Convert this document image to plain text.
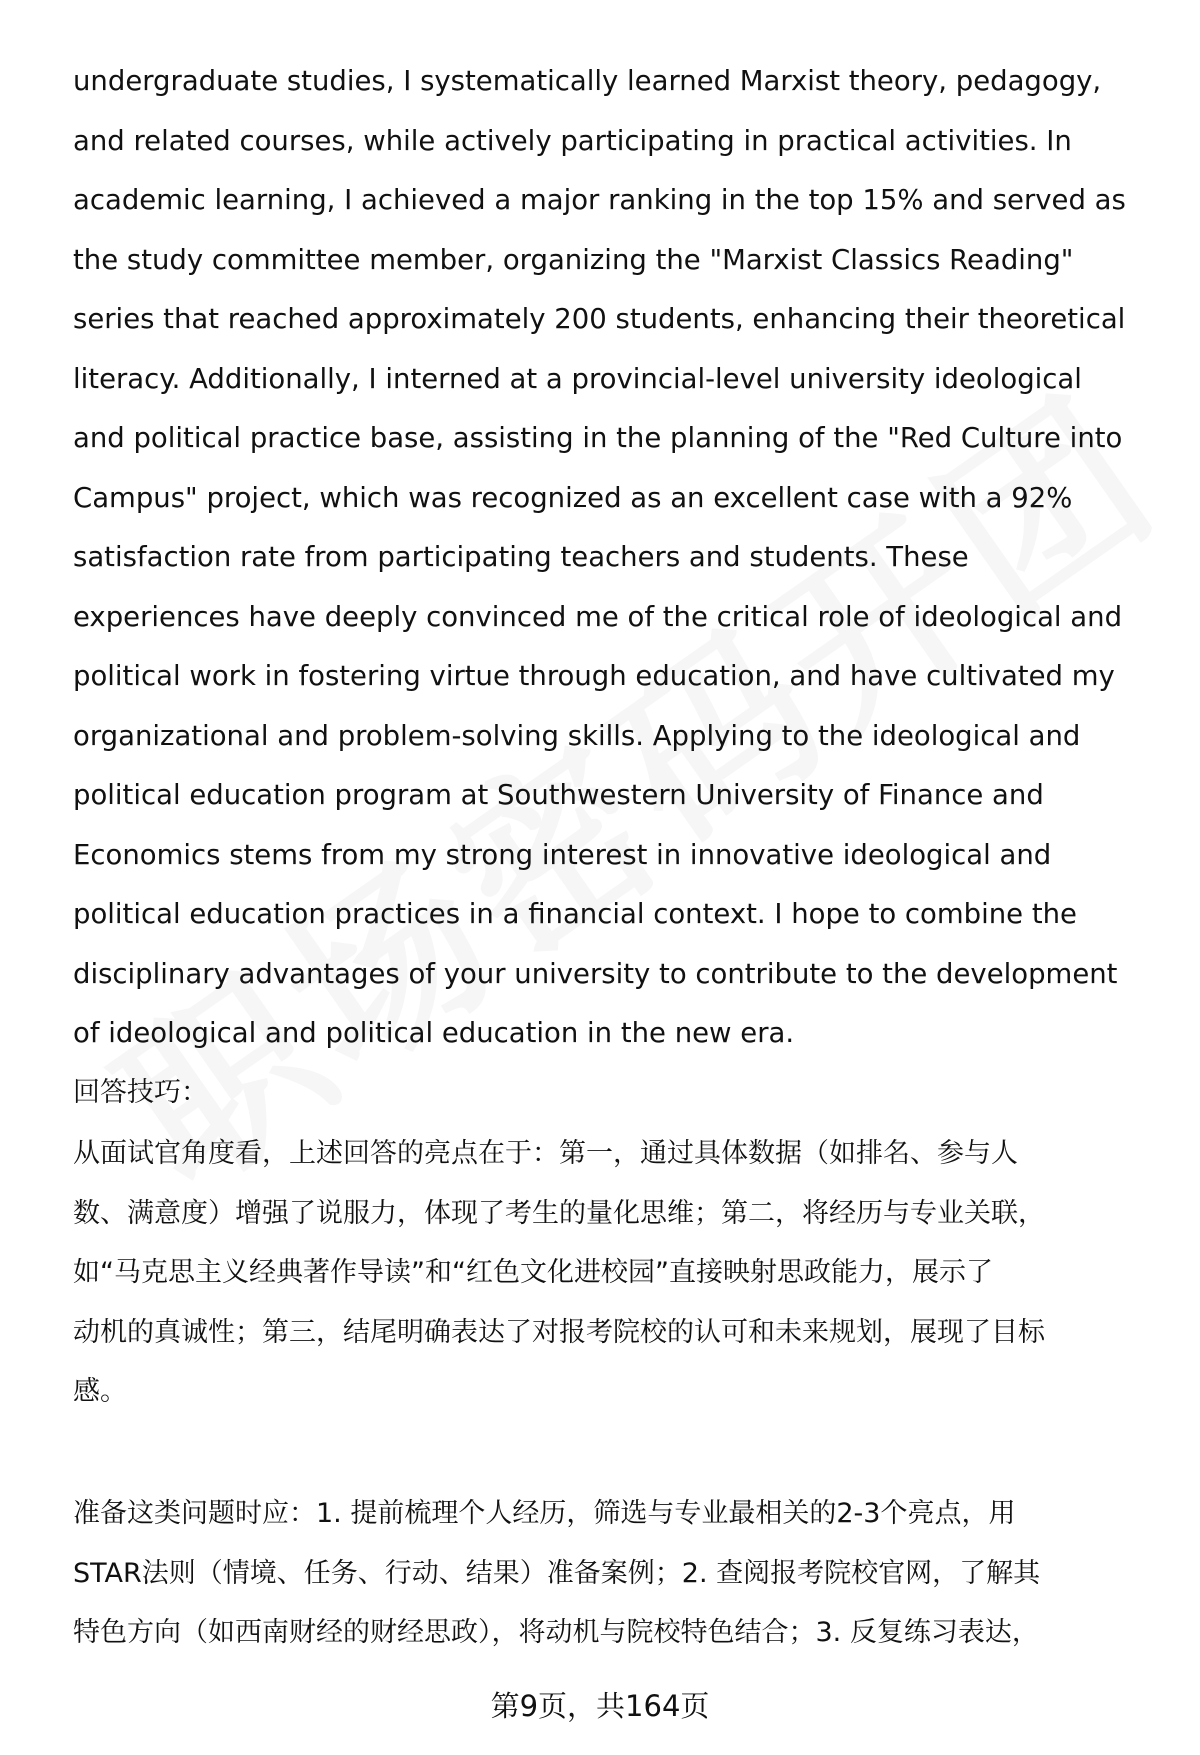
undergraduate studies, I systematically learned Marxist theory, pedagogy,
and related courses, while actively participating in practical activities. In
academic learning, I achieved a major ranking in the top 15% and served as
the study committee member, organizing the "Marxist Classics Reading"
series that reached approximately 200 students, enhancing their theoretical
literacy. Additionally, I interned at a provincial-level university ideological
and political practice base, assisting in the planning of the "Red Culture into
Campus" project, which was recognized as an excellent case with a 92%
satisfaction rate from participating teachers and students. These
experiences have deeply convinced me of the critical role of ideological and
political work in fostering virtue through education, and have cultivated my
organizational and problem-solving skills. Applying to the ideological and
political education program at Southwestern University of Finance and
Economics stems from my strong interest in innovative ideological and
political education practices in a financial context. I hope to combine the
disciplinary advantages of your university to contribute to the development
of ideological and political education in the new era.
回答技巧：
从面试官角度看，上述回答的亮点在于：第一，通过具体数据（如排名、参与人
数、满意度）增强了说服力，体现了考生的量化思维；第二，将经历与专业关联，
如“马克思主义经典著作导读”和“红色文化进校园”直接映射思政能力，展示了
动机的真诚性；第三，结尾明确表达了对报考院校的认可和未来规划，展现了目标
感。
准备这类问题时应：1. 提前梳理个人经历，筛选与专业最相关的2-3个亮点，用
STAR法则（情境、任务、行动、结果）准备案例；2. 查阅报考院校官网，了解其
特色方向（如西南财经的财经思政），将动机与院校特色结合；3. 反复练习表达，
第9页，共164页
